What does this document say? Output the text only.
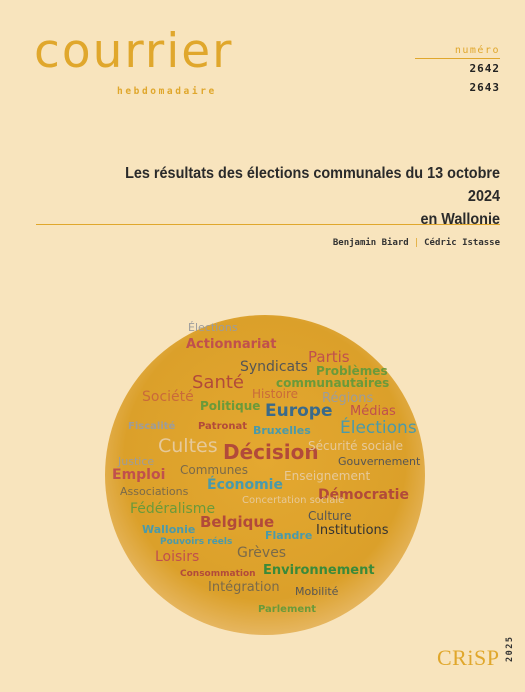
courrier
hebdomadaire
numéro
2642
2643
Les résultats des élections communales du 13 octobre 2024
en Wallonie
Benjamin Biard | Cédric Istasse
Élections
Actionnariat
Partis
Syndicats Problèmes
communautaires
Santé
Société
Politique
Histoire Régions
Europe Médias
Patronat	Élections
Fiscalité	Bruxelles
Cultes Décision
Sécurité sociale
Justice	Gouvernement
Emploi Communes	Enseignement
Associations Économie
Démocratie
Concertation sociale
Fédéralisme	Culture
Wallonie Belgique	Institutions
Pouvoirs réels	Flandre
Loisirs	Grèves
Consommation Environnement
Intégration Mobilité
Parlement
CRiSP 2025
